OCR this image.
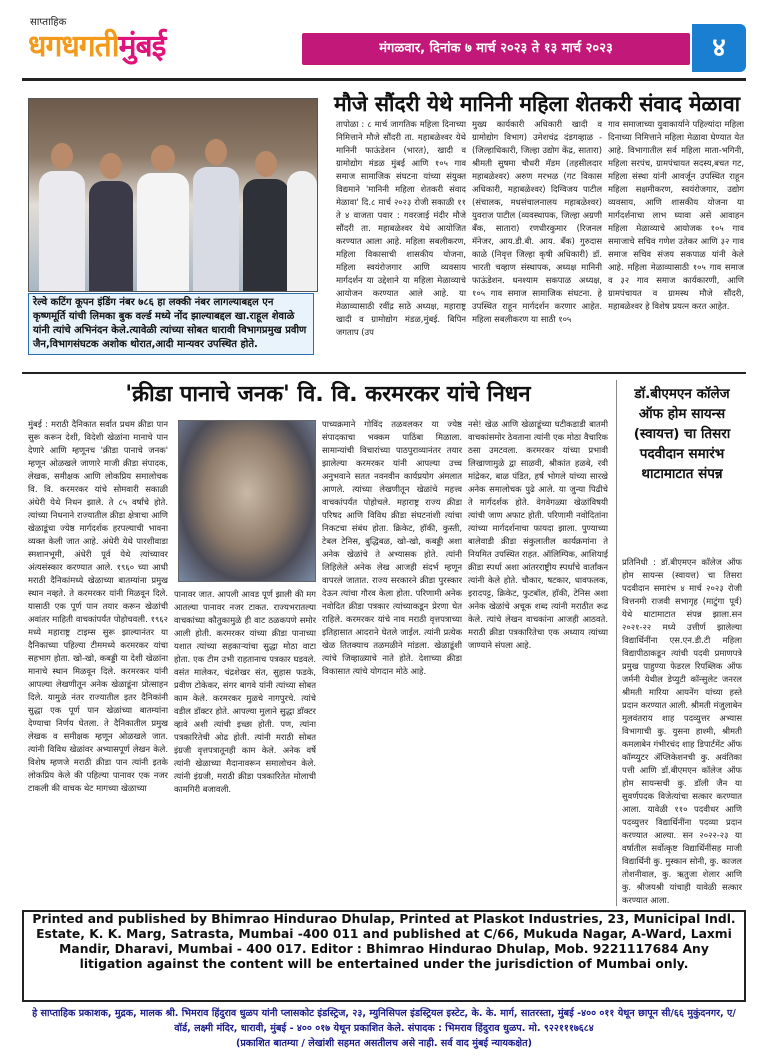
साप्ताहिक
धगधगतीमुंबई	मंगळवार, दिनांक ७ मार्च २०२३ ते १३ मार्च २०२३	४
मौजे सौंदरी येथे मानिनी महिला शेतकरी संवाद मेळावा
रेल्वे कटिंग कूपन इंडिंग नंबर ७८६ हा लक्की नंबर लागल्याबद्दल एन कृष्णमूर्ति यांची लिमका बुक वर्ल्ड मध्ये नोंद झाल्याबद्दल खा.राहूल शेवाळे यांनी त्यांचे अभिनंदन केले.त्यावेळी त्यांच्या सोबत धारावी विभागप्रमुख प्रवीण जैन,विभागसंघटक अशोक थोरात,आदी मान्यवर उपस्थित होते.
तापोळा : ८ मार्च जागतिक महिला दिनाच्या निमित्ताने मौजे सौंदरी ता. महाबळेश्वर येथे मानिनी फाऊंडेशन (भारत), खादी व ग्रामोद्योग मंडळ मुंबई आणि १०५ गाव समाज सामाजिक संघटना यांच्या संयुक्त विद्यमाने 'मानिनी महिला शेतकरी संवाद मेळावा' दि.८ मार्च २०२३ रोजी सकाळी ११ ते ४ वाजता पवार : गवरजाई मंदीर मौजे सौंदरी ता. महाबळेश्वर येथे आयोजित करण्यात आला आहे. महिला सबलीकरण, महिला विकासाची शासकीय योजना, महिला स्वयंरोजगार आणि व्यवसाय मार्गदर्शन या उद्देशाने या महिला मेळाव्याचे आयोजन करण्यात आले आहे. या मेळाव्यासाठी रवींद्र साठे अध्यक्ष, महाराष्ट्र खादी व ग्रामोद्योग मंडळ,मुंबई. बिपिन जगताप (उप
मुख्य कार्यकारी अधिकारी खादी व ग्रामोद्योग विभाग) उमेशचंद्र दंडगव्हाळ - (जिल्हाधिकारी, जिल्हा उद्योग केंद्र, सातारा) श्रीमती सुषमा चौधरी मॅडम (तहसीलदार महाबळेश्वर) अरुण मरभळ (गट विकास अधिकारी, महाबळेश्वर) दिग्विजय पाटील (संचालक, मधसंचालनालय महाबळेश्वर) युवराज पाटील (व्यवस्थापक, जिल्हा अग्रणी बँक, सातारा) रणधीरकुमार (रिजनल मॅनेजर, आय.डी.बी. आय. बँक) गुरुदास काळे (निवृत्त जिल्हा कृषी अधिकारी) डॉ. भारती चव्हाण संस्थापक, अध्यक्ष मानिनी फाऊंडेशन. धनश्याम सकपाळ अध्यक्ष, १०५ गाव समाज सामाजिक संघटना. हे उपस्थित राहून मार्गदर्शन करणार आहेत. महिला सबलीकरण या साठी १०५
गाव समाजाच्या युवाकार्याने पहिल्यांदा महिला दिनाच्या निमित्ताने महिला मेळावा घेण्यात येत आहे. विभागातील सर्व महिला माता-भगिनी, महिला सरपंच, ग्रामपंचायत सदस्य,बचत गट, महिला संस्था यांनी आवर्जून उपस्थित राहून महिला सक्षमीकरण, स्वयंरोजगार, उद्योग व्यवसाय, आणि शासकीय योजना या मार्गदर्शनाचा लाभ घ्यावा असे आवाहन महिला मेळाव्याचे आयोजक १०५ गाव समाजाचे सचिव गणेश उतेकर आणि ३२ गाव समाज सचिव संजय सकपाळ यांनी केले आहे. महिला मेळाव्यासाठी १०५ गाव समाज व ३२ गाव समाज कार्यकारणी, आणि ग्रामपंचायत व ग्रामस्थ मौजे सौंदरी, महाबळेश्वर हे विशेष प्रयत्न करत आहेत.
'क्रीडा पानाचे जनक' वि. वि. करमरकर यांचे निधन
मुंबई : मराठी दैनिकात सर्वात प्रथम क्रीडा पान सुरू करून देशी, विदेशी खेळांना मानाचे पान देणारे आणि म्हणूनच 'क्रीडा पानाचे जनक' म्हणून ओळखले जाणारे माजी क्रीडा संपादक, लेखक, समीक्षक आणि लोकप्रिय समालोचक वि. वि. करमरकर यांचे सोमवारी सकाळी अंधेरी येथे निधन झाले. ते ८५ वर्षांचे होते. त्यांच्या निधनाने राज्यातील क्रीडा क्षेत्राचा आणि खेळाडूंचा ज्येष्ठ मार्गदर्शक हरपल्याची भावना व्यक्त केली जात आहे. अंधेरी येथे पारशीवाडा स्मशानभूमी, अंधेरी पूर्व येथे त्यांच्यावर अंत्यसंस्कार करण्यात आले. १९६० च्या आधी मराठी दैनिकांमध्ये खेळाच्या बातम्यांना प्रमुख स्थान नव्हते. ते करमरकर यांनी मिळवून दिले. यासाठी एक पूर्ण पान तयार करून खेळांची अवांतर माहिती वाचकांपर्यंत पोहोचवली. १९६२ मध्ये महाराष्ट्र टाइम्स सुरू झाल्यानंतर या दैनिकाच्या पहिल्या टीममध्ये करमरकर यांचा सहभाग होता. खो-खो, कबड्डी या देशी खेळांना मानाचे स्थान मिळवून दिले. करमरकर यांनी आपल्या लेखणीतून अनेक खेळाडूंना प्रोत्साहन दिले. यामुळे नंतर राज्यातील इतर दैनिकांनी सुद्धा एक पूर्ण पान खेळांच्या बातम्यांना देण्याचा निर्णय घेतला. ते दैनिकातील प्रमुख लेखक व समीक्षक म्हणून ओळखले जात. त्यांनी विविध खेळांवर अभ्यासपूर्ण लेखन केले. विशेष म्हणजे मराठी क्रीडा पान त्यांनी इतके लोकप्रिय केले की पहिल्या पानावर एक नजर टाकली की वाचक थेट मागच्या खेळाच्या
पानावर जात. आपली आवड पूर्ण झाली की मग आतल्या पानावर नजर टाकत. राज्यभरातल्या वाचकांच्या कौतुकामुळे ही वाट ठळकपणे समोर आली होती. करमरकर यांच्या क्रीडा पानाच्या यशात त्यांच्या सहकाऱ्यांचा सुद्धा मोठा वाटा होता. एक टीम उभी राहतानाच पत्रकार घडवले. वसंत मालेकर, चंद्रशेखर संत, सुहास फडके, प्रवीण टोकेकर, संगर बागवे यांनी त्यांच्या सोबत काम केले. करमरकर मुळचे नागपुरचे. त्यांचे वडील डॉक्टर होते. आपल्या मुलाने सुद्धा डॉक्टर व्हावे अशी त्यांची इच्छा होती. पण, त्यांना पत्रकारितेची ओढ होती. त्यांनी मराठी सोबत इंग्रजी वृत्तपत्रातूनही काम केले. अनेक वर्षे त्यांनी खेळाच्या मैदानावरून समालोचन केले. त्यांनी इंग्रजी, मराठी क्रीडा पत्रकारितेत मोलाची कामगिरी बजावली.
पाच्यक्रमाने गोविंद तळवलकर या ज्येष्ठ संपादकाचा भक्कम पाठिंबा मिळाला. सामान्यांची विचारांच्या पाठपुराव्यानंतर तयार झालेल्या करमरकर यांनी आपल्या उच्च अनुभवाने सतत नवनवीन कार्यप्रयोग अंमलात आणले. त्यांच्या लेखणीतून खेळांचे महत्त्व वाचकांपर्यंत पोहोचले. महाराष्ट्र राज्य क्रीडा परिषद आणि विविध क्रीडा संघटनांशी त्यांचा निकटचा संबंध होता. क्रिकेट, हॉकी, कुस्ती, टेबल टेनिस, बुद्धिबळ, खो-खो, कबड्डी अशा अनेक खेळांचे ते अभ्यासक होते. त्यांनी लिहिलेले अनेक लेख आजही संदर्भ म्हणून वापरले जातात. राज्य सरकारने क्रीडा पुरस्कार देऊन त्यांचा गौरव केला होता. परिणामी अनेक नवोदित क्रीडा पत्रकार त्यांच्याकडून प्रेरणा घेत राहिले. करमरकर यांचे नाव मराठी वृत्तपत्राच्या इतिहासात आदराने घेतले जाईल. त्यांनी प्रत्येक खेळ तितक्याच तळमळीने मांडला. खेळाडूंशी त्यांचे जिव्हाळ्याचे नाते होते. देशाच्या क्रीडा विकासात त्यांचे योगदान मोठे आहे.
नसे! खेळ आणि खेळाडूंच्या घटीकडाडी बातमी वाचकांसमोर ठेवताना त्यांनी एक मोठा वैचारिक ठसा उमटवला. करमरकर यांच्या प्रभावी लिखाणामुळे द्वा साळवी, श्रीकांत हळबे, रवी मांद्रेकर, बाळ पंडित, हर्ष भोगले यांच्या सारखे अनेक समालोचक पुढे आले. या जुन्या पिढीचे ते मार्गदर्शक होते. वेगवेगळ्या खेळांविषयी त्यांची जाण अफाट होती. परिणामी नवोदितांना त्यांच्या मार्गदर्शनाचा फायदा झाला. पुण्याच्या बालेवाडी क्रीडा संकुलातील कार्यक्रमांना ते नियमित उपस्थित राहत. ऑलिम्पिक, आशियाई क्रीडा स्पर्धा अशा आंतरराष्ट्रीय स्पर्धांचे वार्तांकन त्यांनी केले होते. चौकार, षटकार, धावफलक, इरादपट्ट, क्रिकेट, फुटबॉल, हॉकी, टेनिस अशा अनेक खेळांचे अचूक शब्द त्यांनी मराठीत रूढ केले. त्यांचे लेखन वाचकांना आजही आठवते. मराठी क्रीडा पत्रकारितेचा एक अध्याय त्यांच्या जाण्याने संपला आहे.
डॉ.बीएमएन कॉलेज ऑफ होम सायन्स (स्वायत्त) चा तिसरा पदवीदान समारंभ थाटामाटात संपन्न
प्रतिनिधी : डॉ.बीएमएन कॉलेज ऑफ होम सायन्स (स्वायत्त) चा तिसरा पदवीदान समारंभ ४ मार्च २०२३ रोजी वित्तनमी राजवी सभागृह (माटुंगा पूर्व) येथे थाटामाटात संपन्न झाला.सन २०२१-२२ मध्ये उत्तीर्ण झालेल्या विद्यार्थिनींना एस.एन.डी.टी महिला विद्यापीठाकडून त्यांची पदवी प्रमाणपत्रे प्रमुख पाहुण्या फेडरल रिपब्लिक ऑफ जर्मनी येथील डेप्युटी कॉन्सुलेट जनरल श्रीमती मारिया आयनेंग यांच्या हस्ते प्रदान करण्यात आली. श्रीमती मंजुलाबेन मुलवंतराय शाह पदव्युत्तर अभ्यास विभागाची कु. युसना हाश्मी, श्रीमती कमलाबेन गंभीरचंद शाह डिपार्टमेंट ऑफ कॉम्प्युटर ॲप्लिकेशनची कु. अवंतिका पत्ती आणि डॉ.बीएमएन कॉलेज ऑफ होम सायन्सची कु. डॉली जैन या सुवर्णपदक विजेत्यांचा सत्कार करण्यात आला. यावेळी ११० पदवीधर आणि पदव्युत्तर विद्यार्थिनींना पदव्या प्रदान करण्यात आल्या. सन २०२२-२३ या वर्षातील सर्वोत्कृष्ट विद्यार्थिनींसह माजी विद्यार्थिनी कु. मुस्कान सोनी, कु. काजल तोशनीवाल, कु. ऋतुजा शेलार आणि कु. श्रीजयश्री यांचाही यावेळी सत्कार करण्यात आला.
Printed and published by Bhimrao Hindurao Dhulap, Printed at Plaskot Industries, 23, Municipal Indl. Estate, K. K. Marg, Satrasta, Mumbai -400 011 and published at C/66, Mukuda Nagar, A-Ward, Laxmi Mandir, Dharavi, Mumbai - 400 017. Editor : Bhimrao Hindurao Dhulap, Mob. 9221117684 Any litigation against the content will be entertained under the jurisdiction of Mumbai only.
हे साप्ताहिक प्रकाशक, मुद्रक, मालक श्री. भिमराव हिंदुराव धुळप यांनी प्लासकोट इंडस्ट्रिज, २३, म्युनिसिपल इंडस्ट्रियल इस्टेट, के. के. मार्ग, सातरस्ता, मुंबई -४०० ०११ येथून छापून सी/६६ मुकुंदनगर, ए/ वॉर्ड, लक्ष्मी मंदिर, धारावी, मुंबई - ४०० ०१७ येथून प्रकाशित केले. संपादक : भिमराव हिंदुराव धुळप. मो. ९२२१११७६८४
(प्रकाशित बातम्या / लेखांशी सहमत असतीलच असे नाही. सर्व वाद मुंबई न्यायकक्षेत)
